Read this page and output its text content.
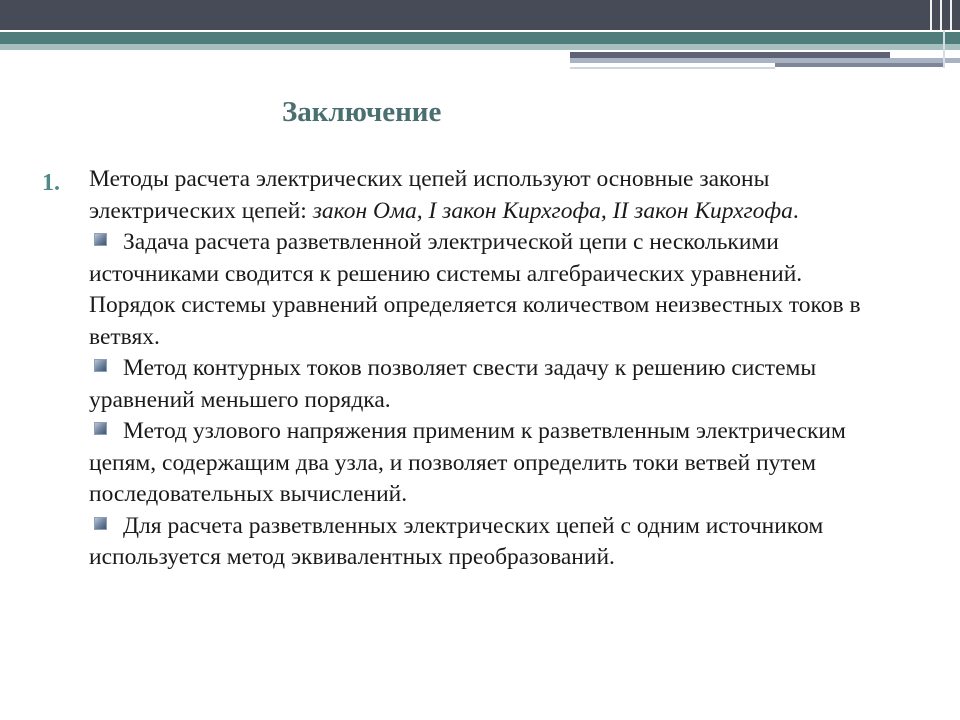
Заключение
1. Методы расчета электрических цепей используют основные законы электрических цепей: закон Ома, I закон Кирхгофа, II закон Кирхгофа.

Задача расчета разветвленной электрической цепи с несколькими источниками сводится к решению системы алгебраических уравнений. Порядок системы уравнений определяется количеством неизвестных токов в ветвях.

Метод контурных токов позволяет свести задачу к решению системы уравнений меньшего порядка.

Метод узлового напряжения применим к разветвленным электрическим цепям, содержащим два узла, и позволяет определить токи ветвей путем последовательных вычислений.

Для расчета разветвленных электрических цепей с одним источником используется метод эквивалентных преобразований.
